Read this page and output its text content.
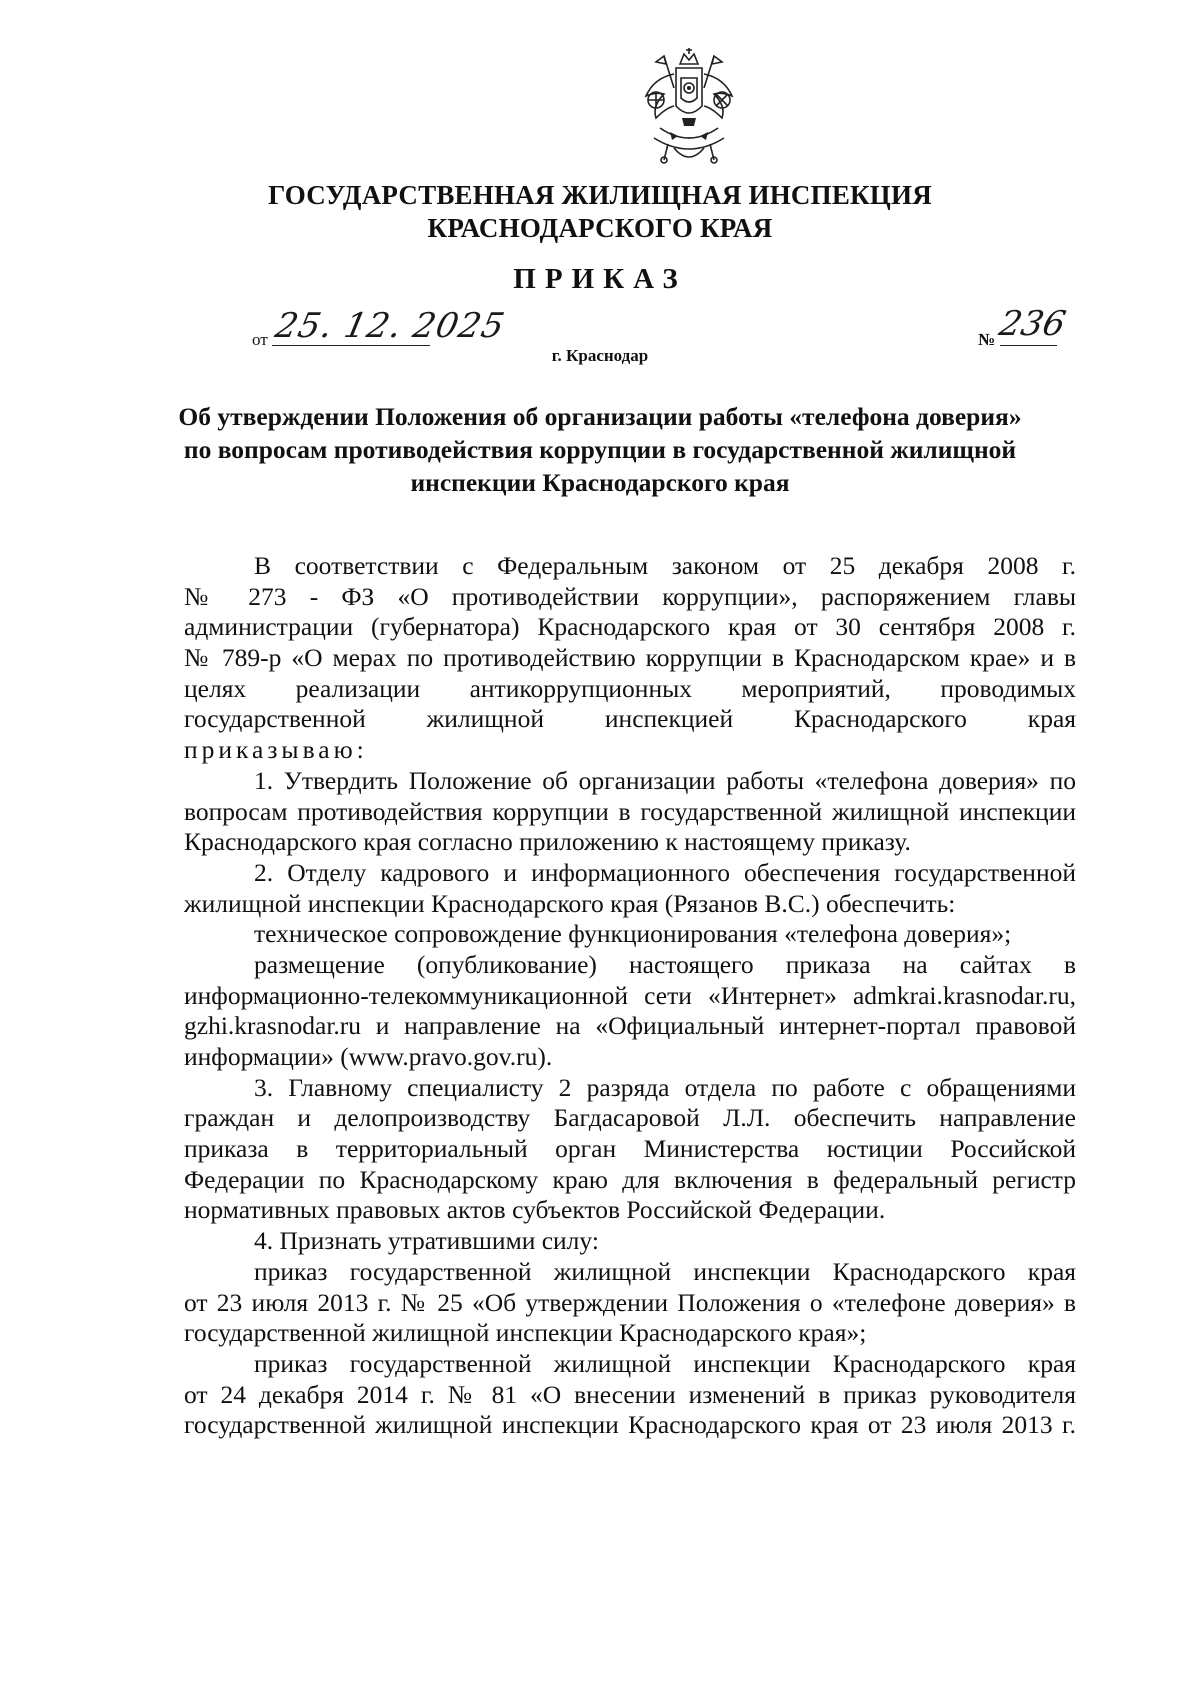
ГОСУДАРСТВЕННАЯ ЖИЛИЩНАЯ ИНСПЕКЦИЯ
КРАСНОДАРСКОГО КРАЯ
ПРИКАЗ
от 25. 12. 2025	№ 236
г. Краснодар
Об утверждении Положения об организации работы «телефона доверия»
по вопросам противодействия коррупции в государственной жилищной
инспекции Краснодарского края
В соответствии с Федеральным законом от 25 декабря 2008 г.
№ 273 - ФЗ «О противодействии коррупции», распоряжением главы
администрации (губернатора) Краснодарского края от 30 сентября 2008 г.
№ 789-р «О мерах по противодействию коррупции в Краснодарском крае» и в
целях реализации антикоррупционных мероприятий, проводимых
государственной жилищной инспекцией Краснодарского края
приказываю:
1. Утвердить Положение об организации работы «телефона доверия» по
вопросам противодействия коррупции в государственной жилищной инспекции
Краснодарского края согласно приложению к настоящему приказу.
2. Отделу кадрового и информационного обеспечения государственной
жилищной инспекции Краснодарского края (Рязанов В.С.) обеспечить:
техническое сопровождение функционирования «телефона доверия»;
размещение (опубликование) настоящего приказа на сайтах в
информационно-телекоммуникационной сети «Интернет» admkrai.krasnodar.ru,
gzhi.krasnodar.ru и направление на «Официальный интернет-портал правовой
информации» (www.pravo.gov.ru).
3. Главному специалисту 2 разряда отдела по работе с обращениями
граждан и делопроизводству Багдасаровой Л.Л. обеспечить направление
приказа в территориальный орган Министерства юстиции Российской
Федерации по Краснодарскому краю для включения в федеральный регистр
нормативных правовых актов субъектов Российской Федерации.
4. Признать утратившими силу:
приказ государственной жилищной инспекции Краснодарского края
от 23 июля 2013 г. № 25 «Об утверждении Положения о «телефоне доверия» в
государственной жилищной инспекции Краснодарского края»;
приказ государственной жилищной инспекции Краснодарского края
от 24 декабря 2014 г. № 81 «О внесении изменений в приказ руководителя
государственной жилищной инспекции Краснодарского края от 23 июля 2013 г.
